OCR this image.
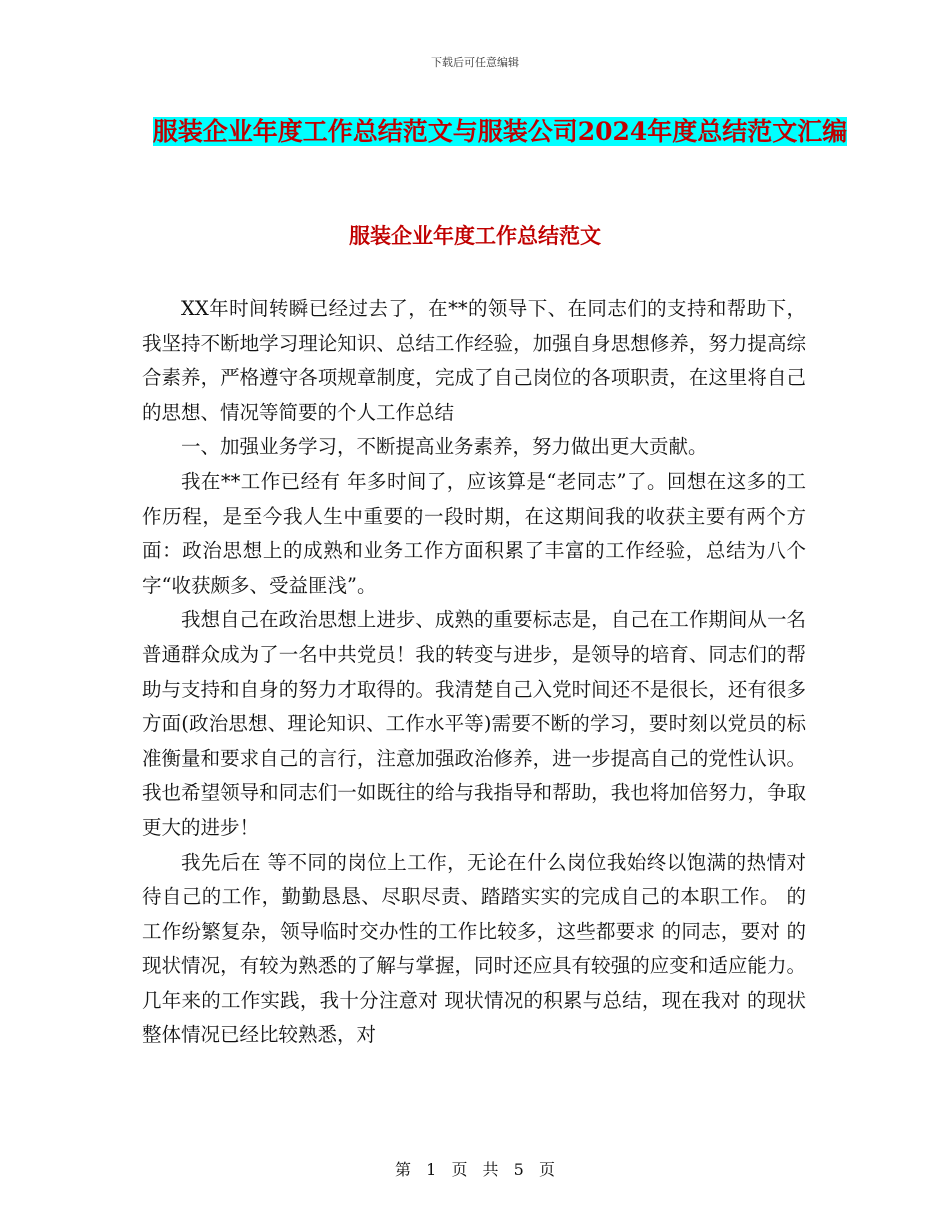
下载后可任意编辑
服装企业年度工作总结范文与服装公司2024年度总结范文汇编
服装企业年度工作总结范文

XX年时间转瞬已经过去了，在**的领导下、在同志们的支持和帮助下，我坚持不断地学习理论知识、总结工作经验，加强自身思想修养，努力提高综合素养，严格遵守各项规章制度，完成了自己岗位的各项职责，在这里将自己的思想、情况等简要的个人工作总结

一、加强业务学习，不断提高业务素养，努力做出更大贡献。

我在**工作已经有 年多时间了，应该算是“老同志”了。回想在这多的工作历程，是至今我人生中重要的一段时期，在这期间我的收获主要有两个方面：政治思想上的成熟和业务工作方面积累了丰富的工作经验，总结为八个字“收获颇多、受益匪浅”。

我想自己在政治思想上进步、成熟的重要标志是，自己在工作期间从一名普通群众成为了一名中共党员！我的转变与进步，是领导的培育、同志们的帮助与支持和自身的努力才取得的。我清楚自己入党时间还不是很长，还有很多方面(政治思想、理论知识、工作水平等)需要不断的学习，要时刻以党员的标准衡量和要求自己的言行，注意加强政治修养，进一步提高自己的党性认识。我也希望领导和同志们一如既往的给与我指导和帮助，我也将加倍努力，争取更大的进步！

我先后在 等不同的岗位上工作，无论在什么岗位我始终以饱满的热情对待自己的工作，勤勤恳恳、尽职尽责、踏踏实实的完成自己的本职工作。 的工作纷繁复杂，领导临时交办性的工作比较多，这些都要求 的同志，要对 的现状情况，有较为熟悉的了解与掌握，同时还应具有较强的应变和适应能力。几年来的工作实践，我十分注意对 现状情况的积累与总结，现在我对 的现状整体情况已经比较熟悉，对

第 1 页 共 5 页
